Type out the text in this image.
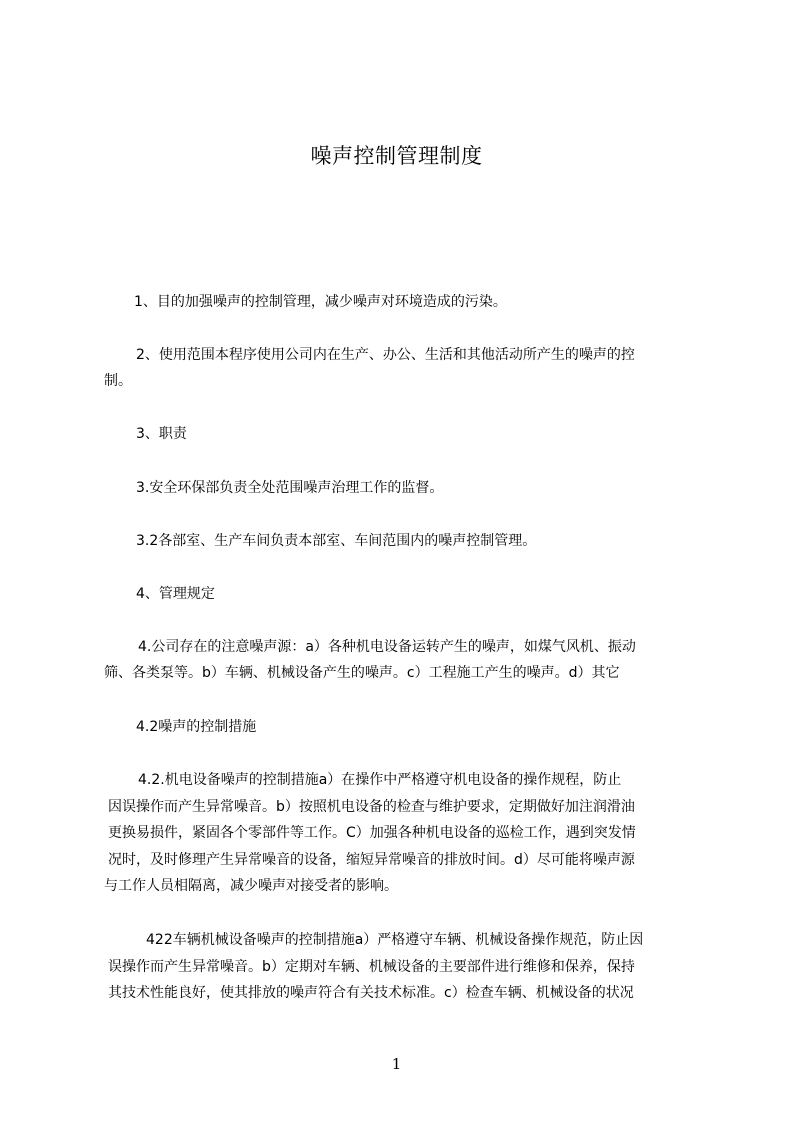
噪声控制管理制度
1、目的加强噪声的控制管理，减少噪声对环境造成的污染。
2、使用范围本程序使用公司内在生产、办公、生活和其他活动所产生的噪声的控
制。
3、职责
3.安全环保部负责全处范围噪声治理工作的监督。
3.2各部室、生产车间负责本部室、车间范围内的噪声控制管理。
4、管理规定
4.公司存在的注意噪声源：a）各种机电设备运转产生的噪声，如煤气风机、振动
筛、各类泵等。b）车辆、机械设备产生的噪声。c）工程施工产生的噪声。d）其它
4.2噪声的控制措施
4.2.机电设备噪声的控制措施a）在操作中严格遵守机电设备的操作规程，防止
因误操作而产生异常噪音。b）按照机电设备的检查与维护要求，定期做好加注润滑油
更换易损件，紧固各个零部件等工作。C）加强各种机电设备的巡检工作，遇到突发情
况时，及时修理产生异常噪音的设备，缩短异常噪音的排放时间。d）尽可能将噪声源
与工作人员相隔离，减少噪声对接受者的影响。
422车辆机械设备噪声的控制措施a）严格遵守车辆、机械设备操作规范，防止因
误操作而产生异常噪音。b）定期对车辆、机械设备的主要部件进行维修和保养，保持
其技术性能良好，使其排放的噪声符合有关技术标准。c）检查车辆、机械设备的状况
1
